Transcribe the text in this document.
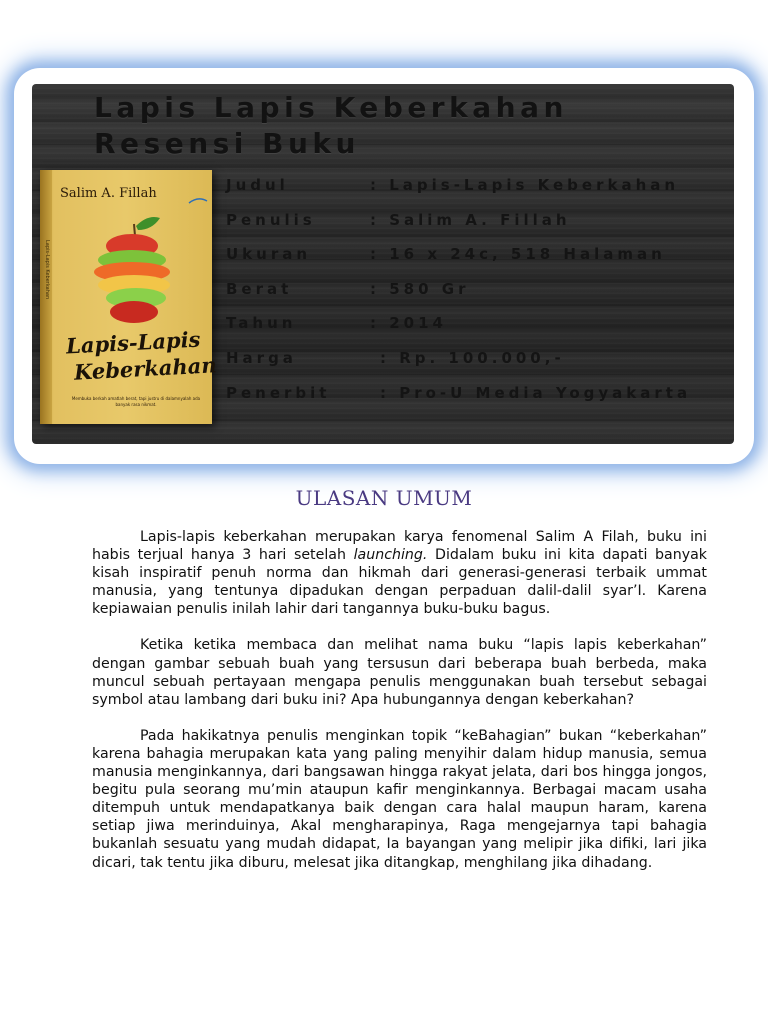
Lapis Lapis Keberkahan
Resensi Buku
Lapis-Lapis Keberkahan
Salim A. Fillah
Lapis-Lapis
Keberkahan
Membuka berkah amatlah berat, tapi justru di dalamnyalah ada banyak rasa nikmat.
Judul	: Lapis-Lapis Keberkahan
Penulis	: Salim A. Fillah
Ukuran	: 16 x 24c, 518 Halaman
Berat	: 580 Gr
Tahun	: 2014
Harga	: Rp. 100.000,-
Penerbit	: Pro-U Media Yogyakarta
ULASAN UMUM

Lapis-lapis keberkahan merupakan karya fenomenal Salim A Filah, buku ini habis terjual hanya 3 hari setelah launching. Didalam buku ini kita dapati banyak kisah inspiratif penuh norma dan hikmah dari generasi-generasi terbaik ummat manusia, yang tentunya dipadukan dengan perpaduan dalil-dalil syar’I. Karena kepiawaian penulis inilah lahir dari tangannya buku-buku bagus.

Ketika ketika membaca dan melihat nama buku “lapis lapis keberkahan” dengan gambar sebuah buah yang tersusun dari beberapa buah berbeda, maka muncul sebuah pertayaan mengapa penulis menggunakan buah tersebut sebagai symbol atau lambang dari buku ini? Apa hubungannya dengan keberkahan?

Pada hakikatnya penulis menginkan topik “keBahagian” bukan “keberkahan” karena bahagia merupakan kata yang paling menyihir dalam hidup manusia, semua manusia menginkannya, dari bangsawan hingga rakyat jelata, dari bos hingga jongos, begitu pula seorang mu’min ataupun kafir menginkannya. Berbagai macam usaha ditempuh untuk mendapatkanya baik dengan cara halal maupun haram, karena setiap jiwa merinduinya, Akal mengharapinya, Raga mengejarnya tapi bahagia bukanlah sesuatu yang mudah didapat, Ia bayangan yang melipir jika difiki, lari jika dicari, tak tentu jika diburu, melesat jika ditangkap, menghilang jika dihadang.
